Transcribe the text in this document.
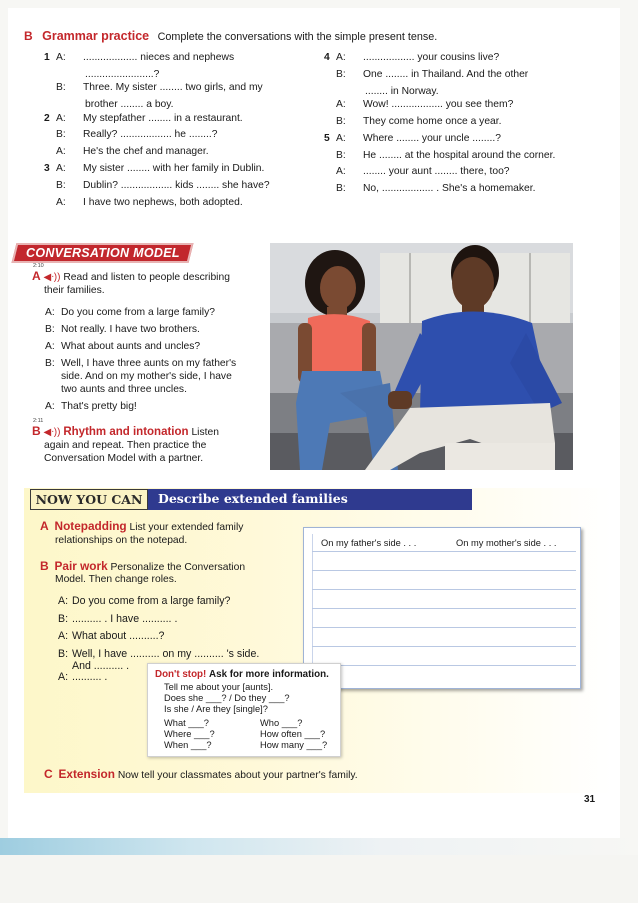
B Grammar practice Complete the conversations with the simple present tense.
1 A: ................... nieces and nephews
........................?
B: Three. My sister ........ two girls, and my
brother ........ a boy.
2 A: My stepfather ........ in a restaurant.
B: Really? .................. he ........?
A: He's the chef and manager.
3 A: My sister ........ with her family in Dublin.
B: Dublin? .................. kids ........ she have?
A: I have two nephews, both adopted.
4 A: .................. your cousins live?
B: One ........ in Thailand. And the other
........ in Norway.
A: Wow! .................. you see them?
B: They come home once a year.
5 A: Where ........ your uncle ........?
B: He ........ at the hospital around the corner.
A: ........ your aunt ........ there, too?
B: No, .................. . She's a homemaker.
CONVERSATION MODEL
2:10
A ◀ᐧ)) Read and listen to people describing
their families.
A: Do you come from a large family?
B: Not really. I have two brothers.
A: What about aunts and uncles?
B: Well, I have three aunts on my father's
side. And on my mother's side, I have
two aunts and three uncles.
A: That's pretty big!
2:11
B ◀ᐧ)) Rhythm and intonation Listen
again and repeat. Then practice the
Conversation Model with a partner.
NOW YOU CAN	Describe extended families
A Notepadding List your extended family
relationships on the notepad.	On my father's side . . .	On my mother's side . . .
B Pair work Personalize the Conversation
Model. Then change roles.
A: Do you come from a large family?
B: .......... . I have .......... .
A: What about ..........?
B: Well, I have .......... on my .......... 's side.
And .......... .
A: .......... .	Don't stop! Ask for more information.
Tell me about your [aunts].
Does she ___? / Do they ___?
Is she / Are they [single]?
What ___?	Who ___?
Where ___?	How often ___?
When ___?	How many ___?
C Extension Now tell your classmates about your partner's family.
31
